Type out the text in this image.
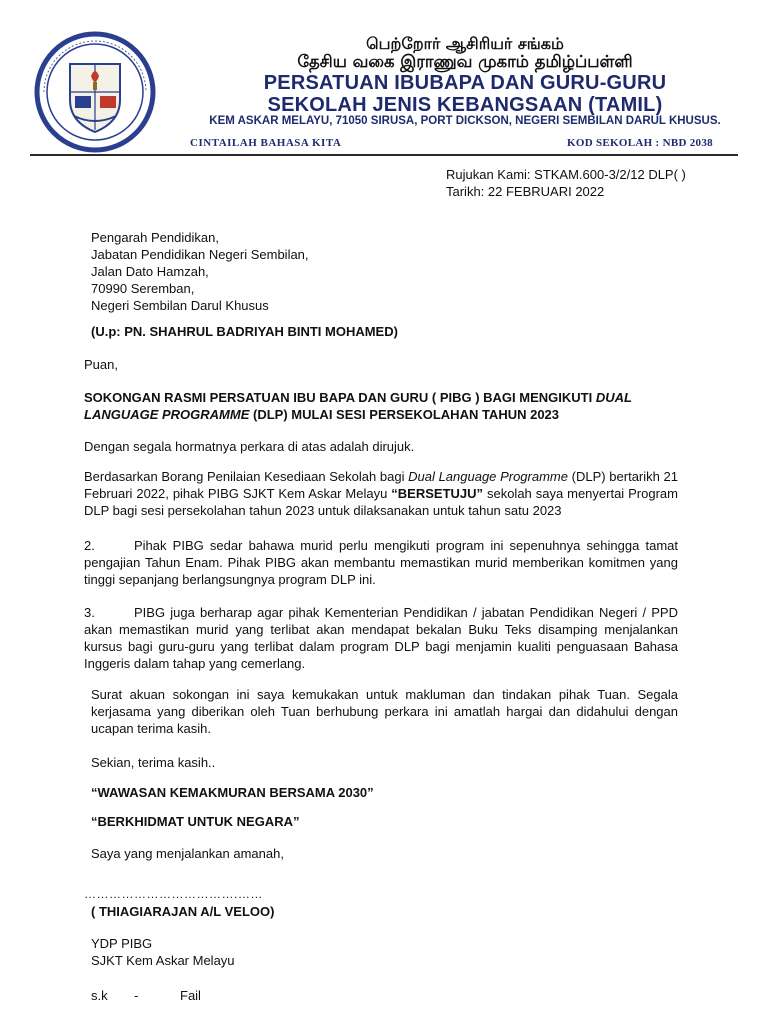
பெற்றோர் ஆசிரியர் சங்கம்
தேசிய வகை இராணுவ முகாம் தமிழ்ப்பள்ளி
PERSATUAN IBUBAPA DAN GURU-GURU
SEKOLAH JENIS KEBANGSAAN (TAMIL)
KEM ASKAR MELAYU, 71050 SIRUSA, PORT DICKSON, NEGERI SEMBILAN DARUL KHUSUS.
CINTAILAH BAHASA KITA	KOD SEKOLAH : NBD 2038
Rujukan Kami: STKAM.600-3/2/12 DLP( )
Tarikh: 22 FEBRUARI 2022
Pengarah Pendidikan,
Jabatan Pendidikan Negeri Sembilan,
Jalan Dato Hamzah,
70990 Seremban,
Negeri Sembilan Darul Khusus
(U.p: PN. SHAHRUL BADRIYAH BINTI MOHAMED)
Puan,
SOKONGAN RASMI PERSATUAN IBU BAPA DAN GURU ( PIBG ) BAGI MENGIKUTI DUAL LANGUAGE PROGRAMME (DLP) MULAI SESI PERSEKOLAHAN TAHUN 2023
Dengan segala hormatnya perkara di atas adalah dirujuk.
Berdasarkan Borang Penilaian Kesediaan Sekolah bagi Dual Language Programme (DLP) bertarikh 21 Februari 2022, pihak PIBG SJKT Kem Askar Melayu “BERSETUJU” sekolah saya menyertai Program DLP bagi sesi persekolahan tahun 2023 untuk dilaksanakan untuk tahun satu 2023
2.	Pihak PIBG sedar bahawa murid perlu mengikuti program ini sepenuhnya sehingga tamat pengajian Tahun Enam. Pihak PIBG akan membantu memastikan murid memberikan komitmen yang tinggi sepanjang berlangsungnya program DLP ini.
3.	PIBG juga berharap agar pihak Kementerian Pendidikan / jabatan Pendidikan Negeri / PPD akan memastikan murid yang terlibat akan mendapat bekalan Buku Teks disamping menjalankan kursus bagi guru-guru yang terlibat dalam program DLP bagi menjamin kualiti penguasaan Bahasa Inggeris dalam tahap yang cemerlang.
Surat akuan sokongan ini saya kemukakan untuk makluman dan tindakan pihak Tuan. Segala kerjasama yang diberikan oleh Tuan berhubung perkara ini amatlah hargai dan didahului dengan ucapan terima kasih.
Sekian, terima kasih..
“WAWASAN KEMAKMURAN BERSAMA 2030”
“BERKHIDMAT UNTUK NEGARA”
Saya yang menjalankan amanah,
……………………………….……
( THIAGIARAJAN A/L VELOO)
YDP PIBG
SJKT Kem Askar Melayu
s.k -	Fail
